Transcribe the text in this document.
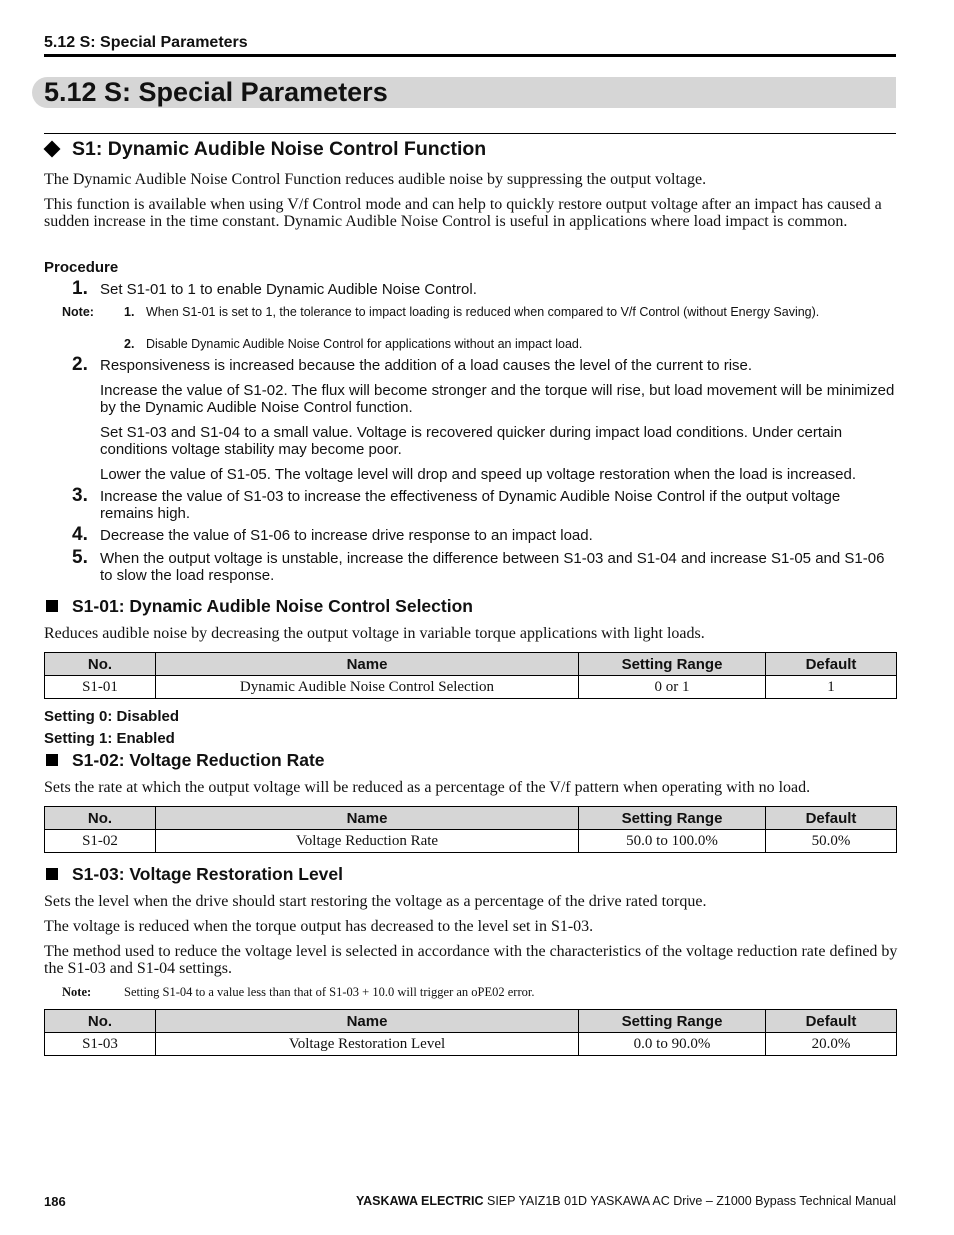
5.12 S: Special Parameters
5.12 S: Special Parameters
S1: Dynamic Audible Noise Control Function
The Dynamic Audible Noise Control Function reduces audible noise by suppressing the output voltage.
This function is available when using V/f Control mode and can help to quickly restore output voltage after an impact has caused a sudden increase in the time constant. Dynamic Audible Noise Control is useful in applications where load impact is common.
Procedure
1. Set S1-01 to 1 to enable Dynamic Audible Noise Control.
Note: 1. When S1-01 is set to 1, the tolerance to impact loading is reduced when compared to V/f Control (without Energy Saving).
2. Disable Dynamic Audible Noise Control for applications without an impact load.
2. Responsiveness is increased because the addition of a load causes the level of the current to rise.
Increase the value of S1-02. The flux will become stronger and the torque will rise, but load movement will be minimized by the Dynamic Audible Noise Control function.
Set S1-03 and S1-04 to a small value. Voltage is recovered quicker during impact load conditions. Under certain conditions voltage stability may become poor.
Lower the value of S1-05. The voltage level will drop and speed up voltage restoration when the load is increased.
3. Increase the value of S1-03 to increase the effectiveness of Dynamic Audible Noise Control if the output voltage remains high.
4. Decrease the value of S1-06 to increase drive response to an impact load.
5. When the output voltage is unstable, increase the difference between S1-03 and S1-04 and increase S1-05 and S1-06 to slow the load response.
S1-01: Dynamic Audible Noise Control Selection
Reduces audible noise by decreasing the output voltage in variable torque applications with light loads.
No.	Name	Setting Range	Default
S1-01	Dynamic Audible Noise Control Selection	0 or 1	1
Setting 0: Disabled
Setting 1: Enabled
S1-02: Voltage Reduction Rate
Sets the rate at which the output voltage will be reduced as a percentage of the V/f pattern when operating with no load.
No.	Name	Setting Range	Default
S1-02	Voltage Reduction Rate	50.0 to 100.0%	50.0%
S1-03: Voltage Restoration Level
Sets the level when the drive should start restoring the voltage as a percentage of the drive rated torque.
The voltage is reduced when the torque output has decreased to the level set in S1-03.
The method used to reduce the voltage level is selected in accordance with the characteristics of the voltage reduction rate defined by the S1-03 and S1-04 settings.
Note:	Setting S1-04 to a value less than that of S1-03 + 10.0 will trigger an oPE02 error.
No.	Name	Setting Range	Default
S1-03	Voltage Restoration Level	0.0 to 90.0%	20.0%
186	YASKAWA ELECTRIC SIEP YAIZ1B 01D YASKAWA AC Drive – Z1000 Bypass Technical Manual
